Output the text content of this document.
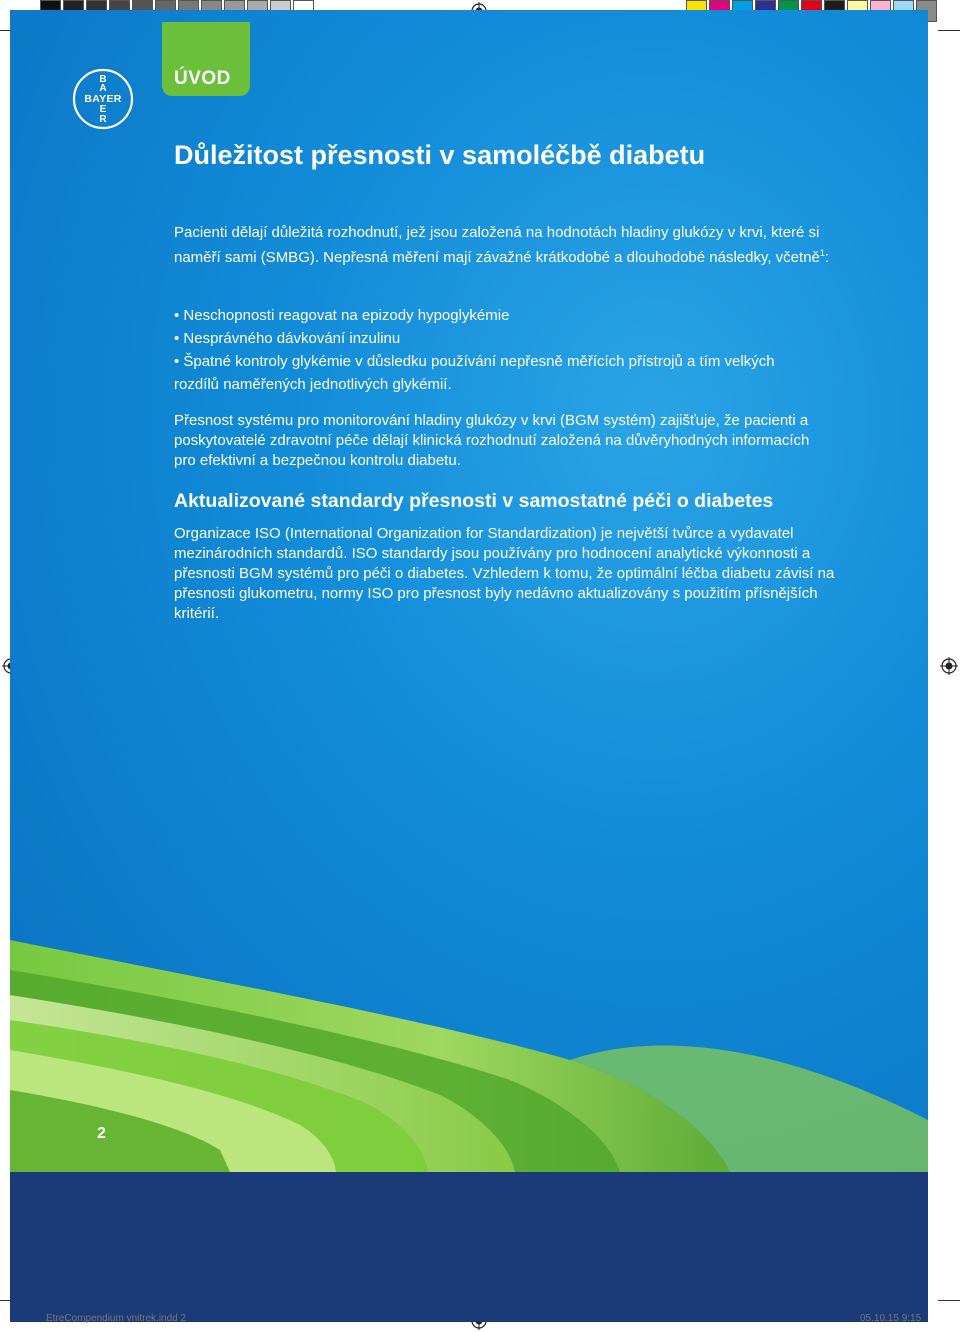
ÚVOD
B
A
BAYER
E
R
Důležitost přesnosti v samoléčbě diabetu

Pacienti dělají důležitá rozhodnutí, jež jsou založená na hodnotách hladiny glukózy v krvi, které si naměří sami (SMBG). Nepřesná měření mají závažné krátkodobé a dlouhodobé následky, včetně$^1$:

• Neschopnosti reagovat na epizody hypoglykémie
• Nesprávného dávkování inzulinu
• Špatné kontroly glykémie v důsledku používání nepřesně měřících přístrojů a tím velkých rozdílů naměřených jednotlivých glykémií.

Přesnost systému pro monitorování hladiny glukózy v krvi (BGM systém) zajišťuje, že pacienti a poskytovatelé zdravotní péče dělají klinická rozhodnutí založená na důvěryhodných informacích pro efektivní a bezpečnou kontrolu diabetu.

Aktualizované standardy přesnosti v samostatné péči o diabetes

Organizace ISO (International Organization for Standardization) je největší tvůrce a vydavatel mezinárodních standardů. ISO standardy jsou používány pro hodnocení analytické výkonnosti a přesnosti BGM systémů pro péči o diabetes. Vzhledem k tomu, že optimální léčba diabetu závisí na přesnosti glukometru, normy ISO pro přesnost byly nedávno aktualizovány s použitím přísnějších kritérií.

2
EtreCompendium vnitrek.indd 2	05.10.15 9:15
